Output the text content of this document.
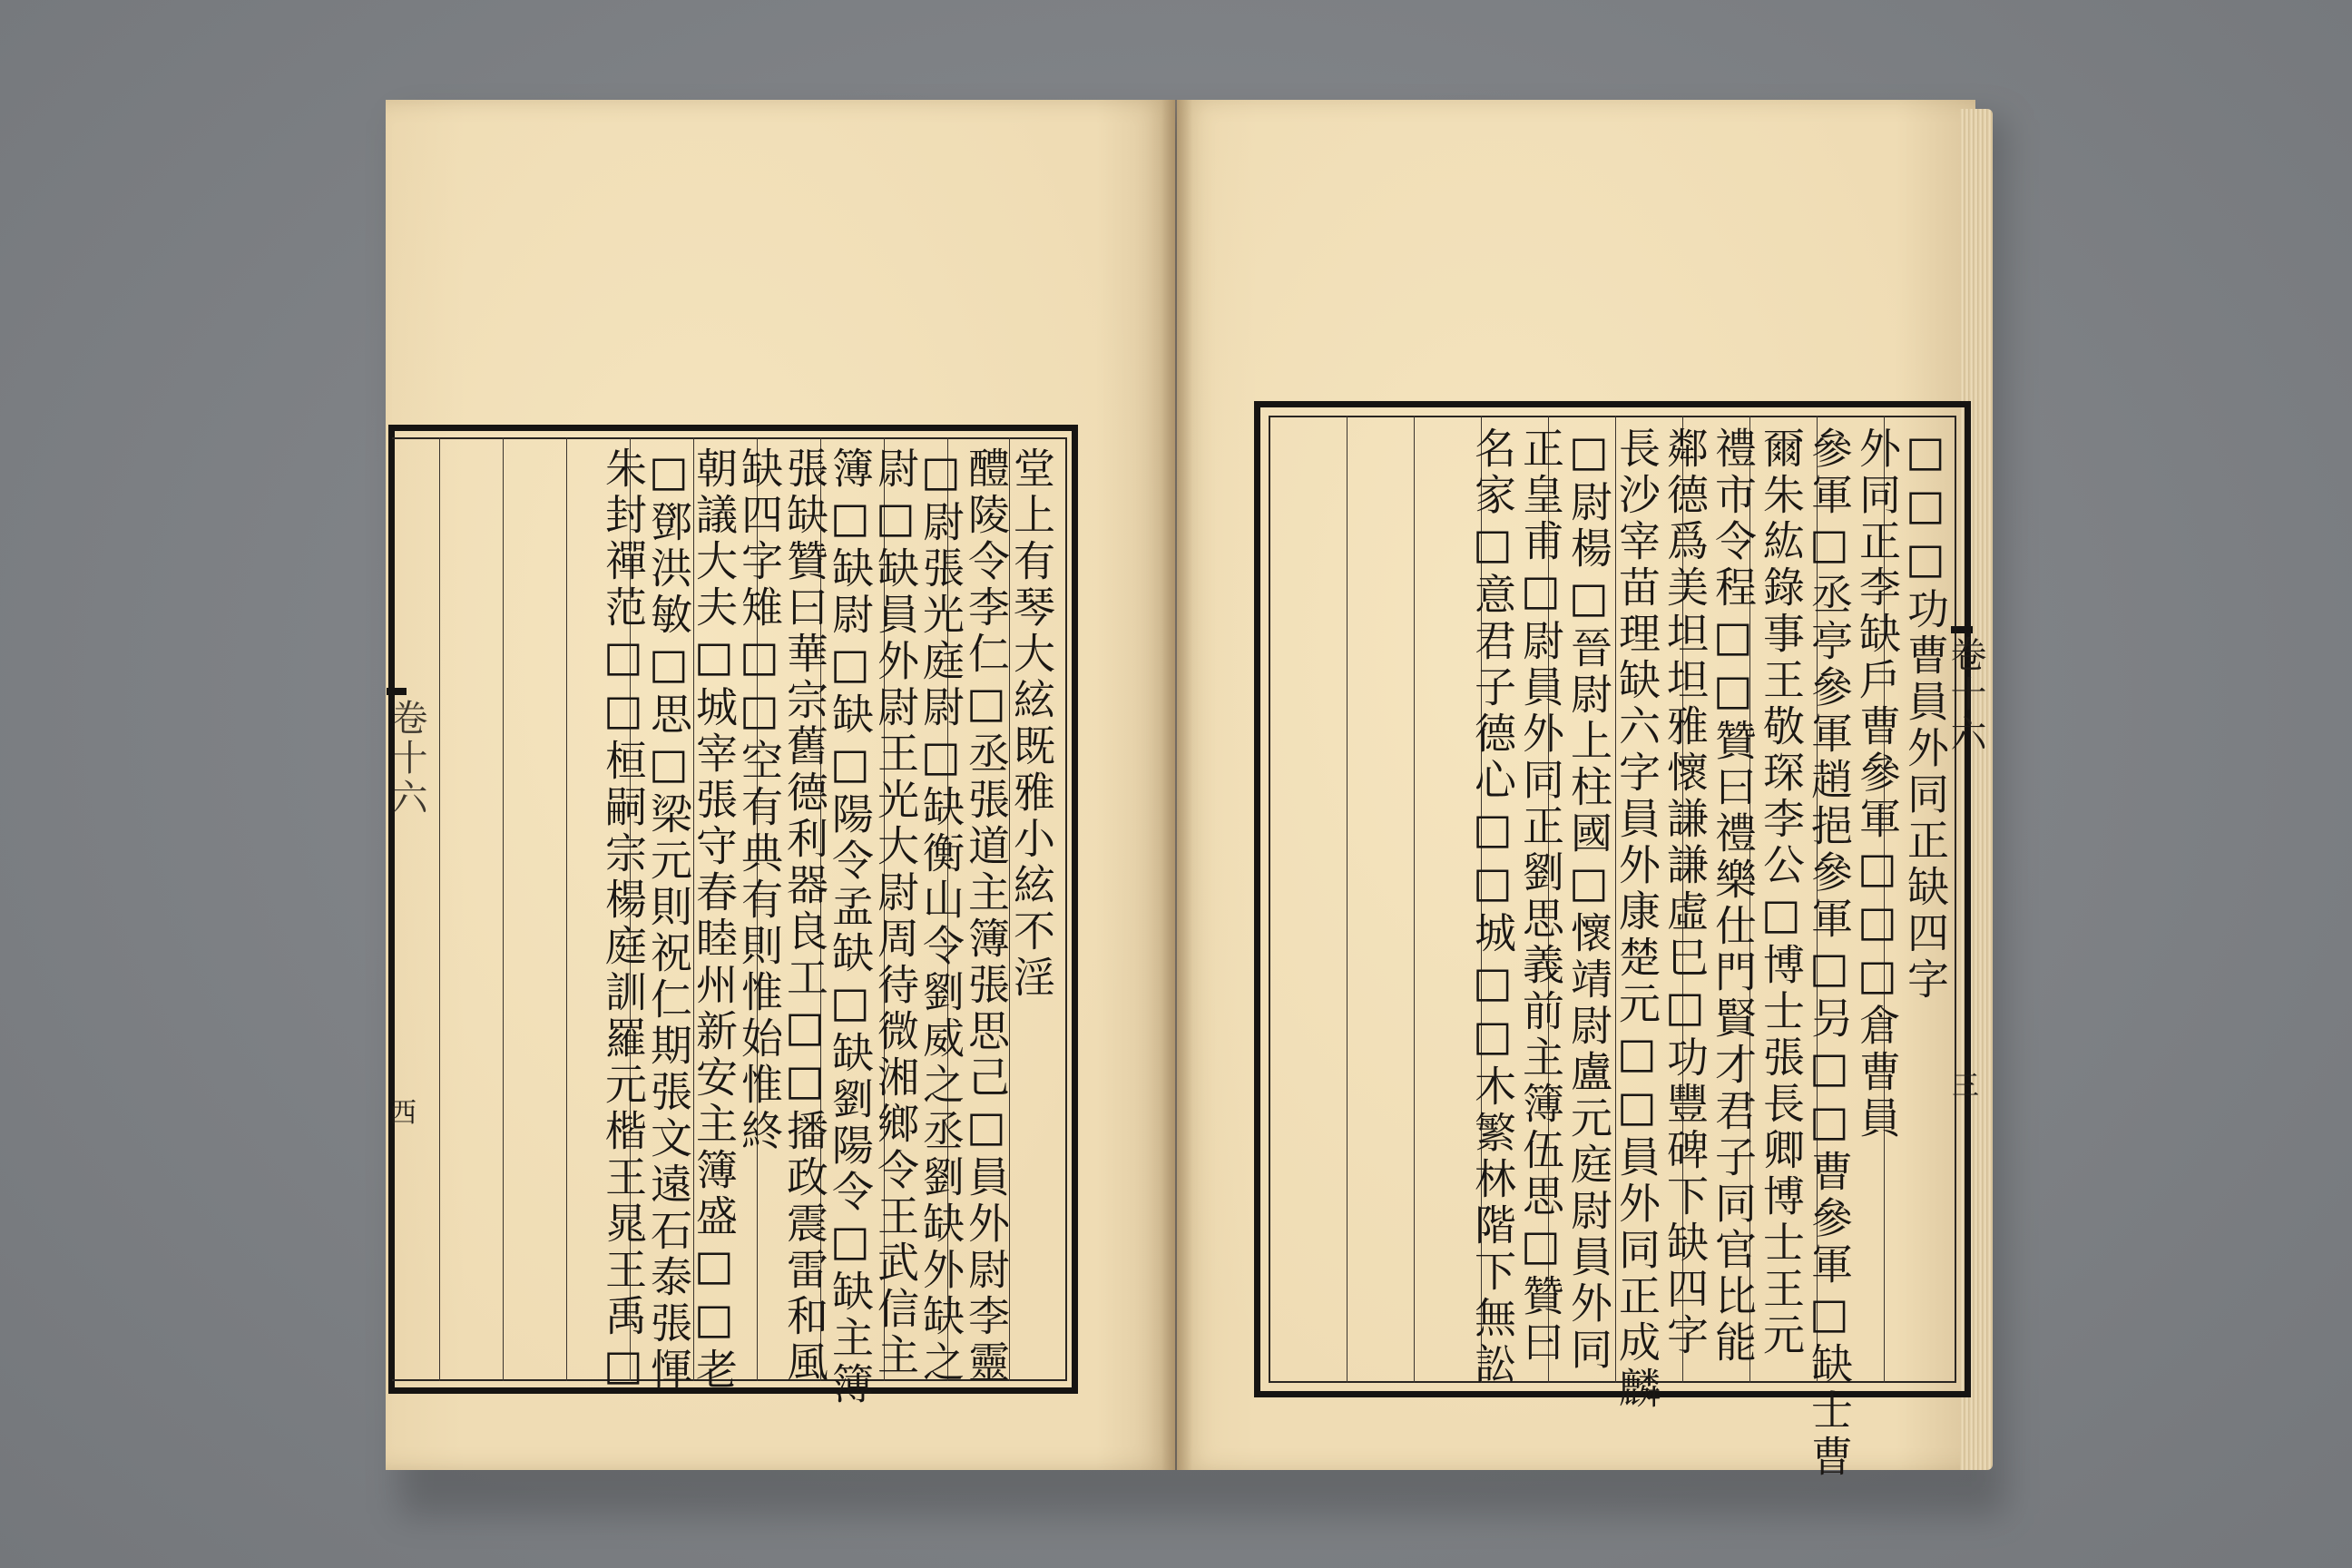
堂上有琴大絃既雅小絃不淫
醴陵令李仁□丞張道主簿張思己□員外尉李靈
□尉張光庭尉□缺衡山令劉威之丞劉缺外缺之
尉□缺員外尉王光大尉周待微湘鄉令王武信主
簿□缺尉□缺□陽令孟缺□缺劉陽令□缺主簿
張缺贊曰華宗舊德利器良工□□播政震雷和風
缺四字雉□□空有典有則惟始惟終
朝議大夫□城宰張守春睦州新安主簿盛□□老
□鄧洪敏□思□梁元則祝仁期張文遠石泰張惲
朱封禪范□□桓嗣宗楊庭訓羅元楷王晁王禹□	□□□功曹員外同正缺四字
外同正李缺戶曹參軍□□□倉曹員
參軍□丞亭參軍趙挹參軍□叧□□曹參軍□缺士曹
爾朱紘錄事王敬琛李公□博士張長卿博士王元
禮市令程□□贊曰禮樂仕門賢才君子同官比能
鄰德爲美坦坦雅懷謙謙虛巳□功豐碑下缺四字
長沙宰苗理缺六字員外康楚元□□員外同正成麟
□尉楊□晉尉上柱國□懷靖尉盧元庭尉員外同
正皇甫□尉員外同正劉思義前主簿伍思□贊曰
名家□意君子德心□□城□□木繁林階下無訟
卷十六
西
卷十六
三
